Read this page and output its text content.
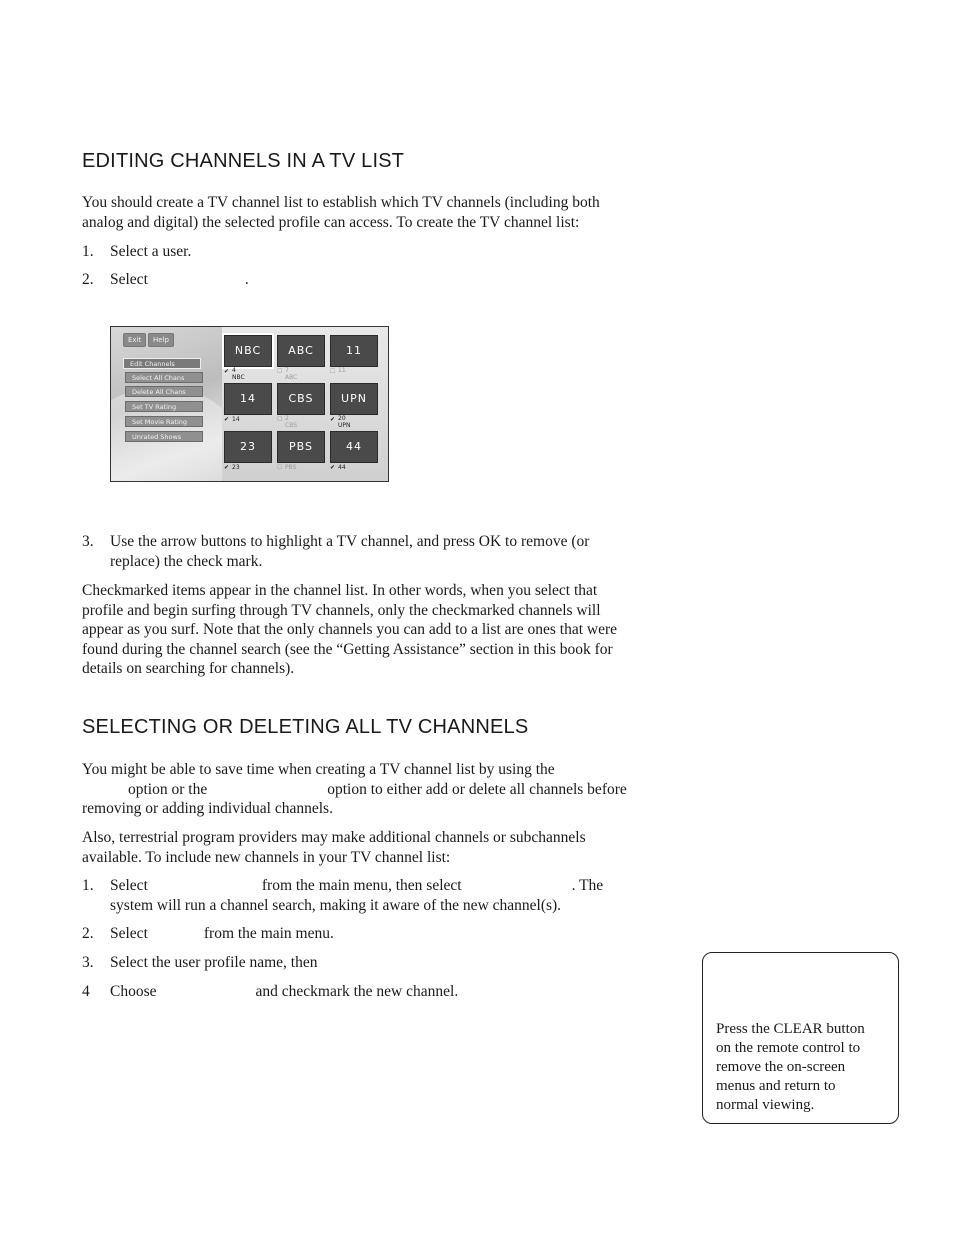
EDITING CHANNELS IN A TV LIST
You should create a TV channel list to establish which TV channels (including both
analog and digital) the selected profile can access. To create the TV channel list:
1. Select a user.
2. Select	.
Exit	Help
Edit Channels
Select All Chans
Delete All Chans
Set TV Rating
Set Movie Rating
Unrated Shows
NBC	ABC	11
14	CBS	UPN
23	PBS	44
✔ 4
NBC
☐ 7
ABC
☐ 11
✔ 14	☐ 2
CBS
✔ 20
UPN
✔ 23	☐ PBS	✔ 44
3. Use the arrow buttons to highlight a TV channel, and press OK to remove (or
replace) the check mark.
Checkmarked items appear in the channel list. In other words, when you select that
profile and begin surfing through TV channels, only the checkmarked channels will
appear as you surf. Note that the only channels you can add to a list are ones that were
found during the channel search (see the “Getting Assistance” section in this book for
details on searching for channels).
SELECTING OR DELETING ALL TV CHANNELS
You might be able to save time when creating a TV channel list by using the
option or the	option to either add or delete all channels before
removing or adding individual channels.
Also, terrestrial program providers may make additional channels or subchannels
available. To include new channels in your TV channel list:
1. Select	from the main menu, then select	. The
system will run a channel search, making it aware of the new channel(s).
2. Select	from the main menu.
3. Select the user profile name, then
4 Choose	and checkmark the new channel.
Press the CLEAR button
on the remote control to
remove the on-screen
menus and return to
normal viewing.
